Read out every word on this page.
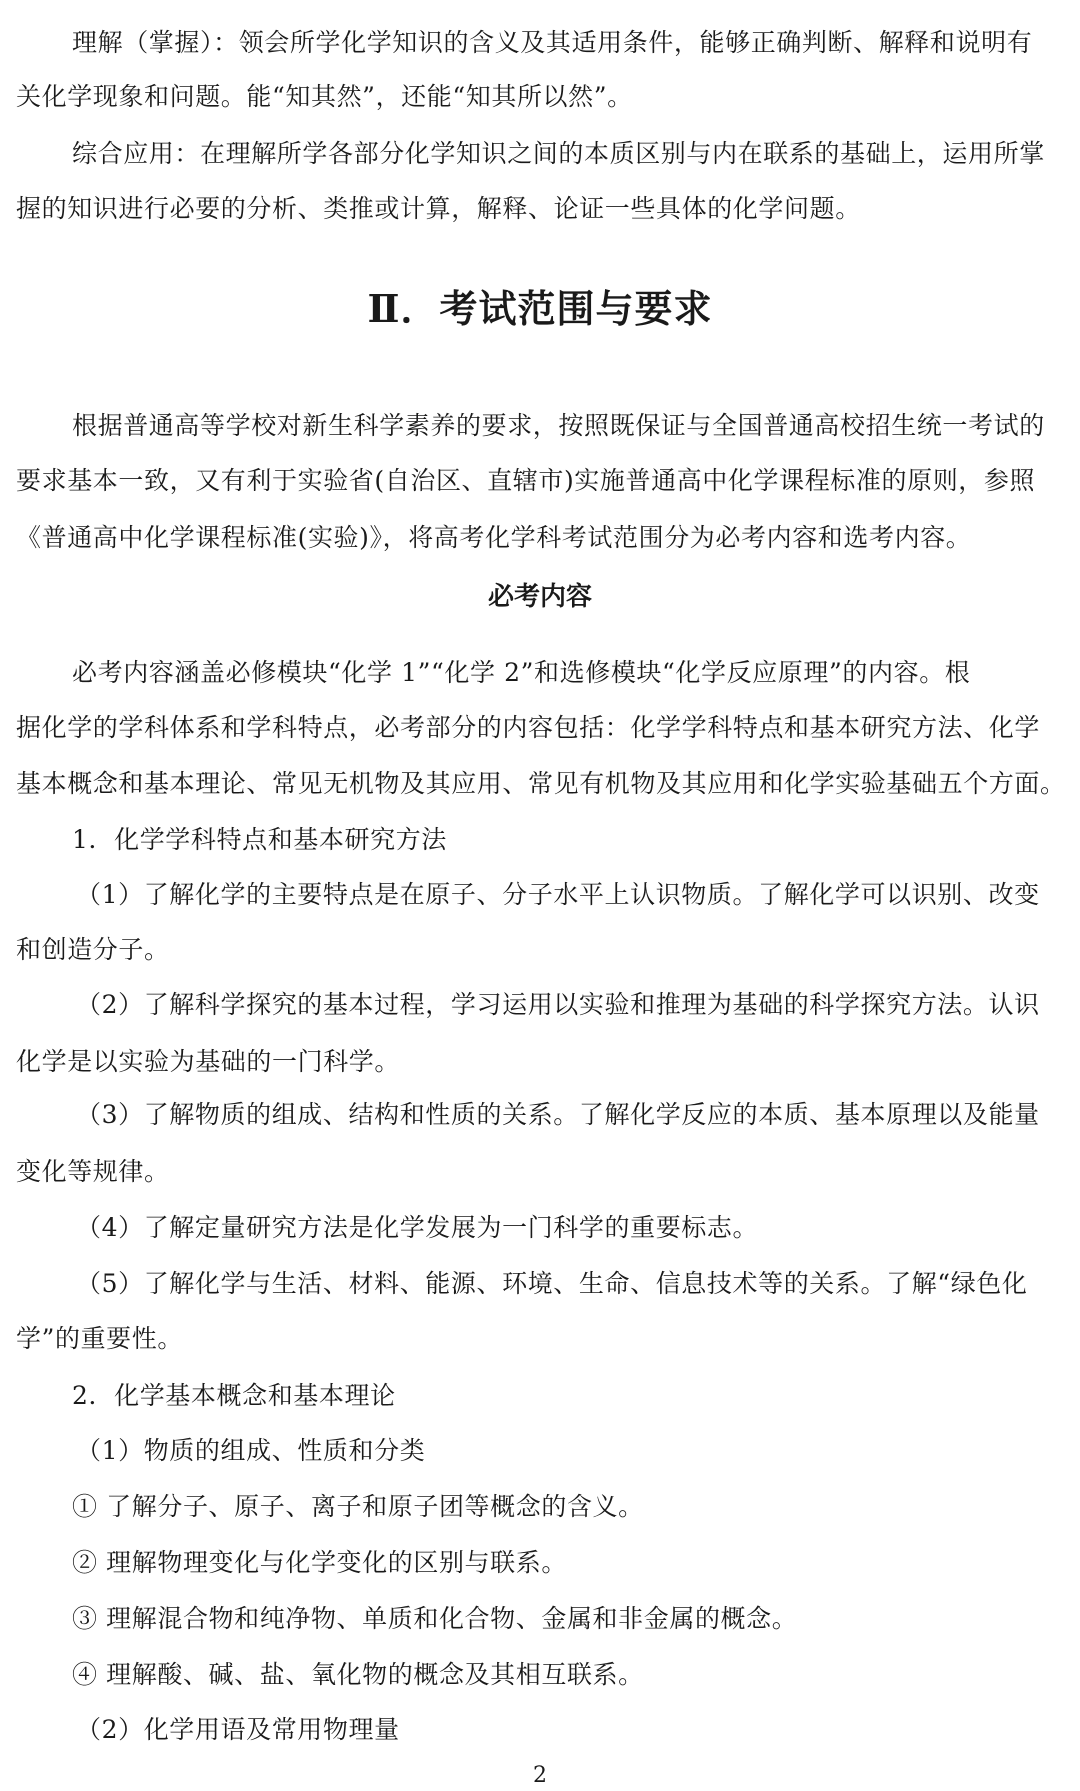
理解（掌握）：领会所学化学知识的含义及其适用条件，能够正确判断、解释和说明有
关化学现象和问题。能“知其然”，还能“知其所以然”。
综合应用：在理解所学各部分化学知识之间的本质区别与内在联系的基础上，运用所掌
握的知识进行必要的分析、类推或计算，解释、论证一些具体的化学问题。
Ⅱ．考试范围与要求
根据普通高等学校对新生科学素养的要求，按照既保证与全国普通高校招生统一考试的
要求基本一致，又有利于实验省(自治区、直辖市)实施普通高中化学课程标准的原则，参照
《普通高中化学课程标准(实验)》，将高考化学科考试范围分为必考内容和选考内容。
必考内容
必考内容涵盖必修模块“化学 1”“化学 2”和选修模块“化学反应原理”的内容。根
据化学的学科体系和学科特点，必考部分的内容包括：化学学科特点和基本研究方法、化学
基本概念和基本理论、常见无机物及其应用、常见有机物及其应用和化学实验基础五个方面。
1．化学学科特点和基本研究方法
（1）了解化学的主要特点是在原子、分子水平上认识物质。了解化学可以识别、改变
和创造分子。
（2）了解科学探究的基本过程，学习运用以实验和推理为基础的科学探究方法。认识
化学是以实验为基础的一门科学。
（3）了解物质的组成、结构和性质的关系。了解化学反应的本质、基本原理以及能量
变化等规律。
（4）了解定量研究方法是化学发展为一门科学的重要标志。
（5）了解化学与生活、材料、能源、环境、生命、信息技术等的关系。了解“绿色化
学”的重要性。
2．化学基本概念和基本理论
（1）物质的组成、性质和分类
① 了解分子、原子、离子和原子团等概念的含义。
② 理解物理变化与化学变化的区别与联系。
③ 理解混合物和纯净物、单质和化合物、金属和非金属的概念。
④ 理解酸、碱、盐、氧化物的概念及其相互联系。
（2）化学用语及常用物理量
2
